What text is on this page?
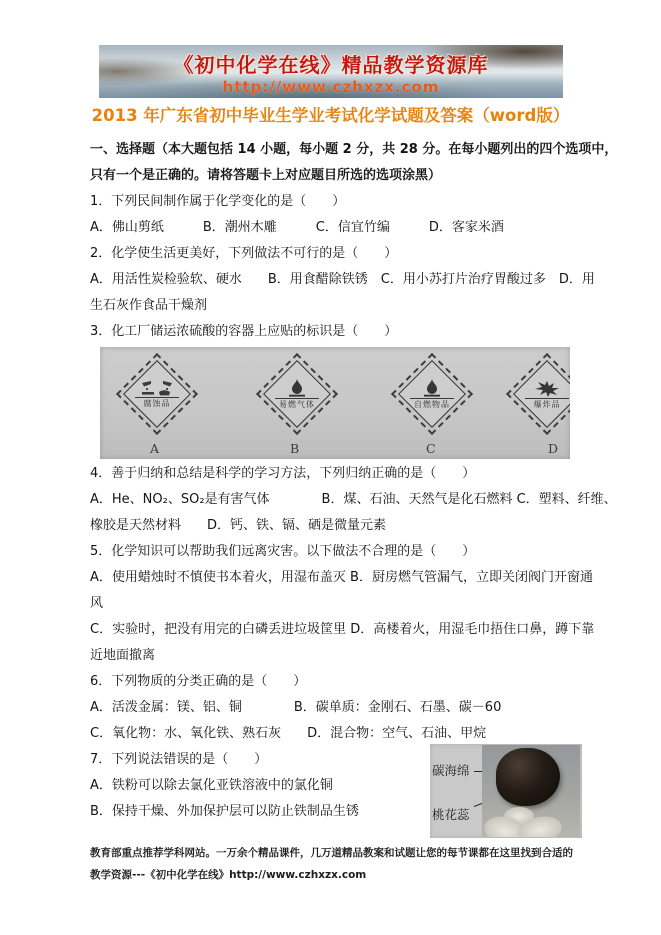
《初中化学在线》精品教学资源库
http://www.czhxzx.com
2013 年广东省初中毕业生学业考试化学试题及答案（word版）

一、选择题（本大题包括 14 小题，每小题 2 分，共 28 分。在每小题列出的四个选项中，

只有一个是正确的。请将答题卡上对应题目所选的选项涂黑）

1．下列民间制作属于化学变化的是（　　）

A．佛山剪纸　　　B．潮州木雕　　　C．信宜竹编　　　D．客家米酒

2．化学使生活更美好，下列做法不可行的是（　　）

A．用活性炭检验软、硬水　　B．用食醋除铁锈　C．用小苏打片治疗胃酸过多　D．用

生石灰作食品干燥剂

3．化工厂储运浓硫酸的容器上应贴的标识是（　　）

腐蚀品	易燃气体	自燃物品	爆炸品
A	B	C	D

4．善于归纳和总结是科学的学习方法，下列归纳正确的是（　　）

A．He、NO₂、SO₂是有害气体　　　　B．煤、石油、天然气是化石燃料 C．塑料、纤维、

橡胶是天然材料　　D．钙、铁、镉、硒是微量元素

5．化学知识可以帮助我们远离灾害。以下做法不合理的是（　　）

A．使用蜡烛时不慎使书本着火，用湿布盖灭 B．厨房燃气管漏气，立即关闭阀门开窗通

风

C．实验时，把没有用完的白磷丢进垃圾筐里 D．高楼着火，用湿毛巾捂住口鼻，蹲下靠

近地面撤离

6．下列物质的分类正确的是（　　）

A．活泼金属：镁、铝、铜　　　　B．碳单质：金刚石、石墨、碳－60

C．氧化物：水、氧化铁、熟石灰　　D．混合物：空气、石油、甲烷

7．下列说法错误的是（　　）

A．铁粉可以除去氯化亚铁溶液中的氯化铜

B．保持干燥、外加保护层可以防止铁制品生锈

教育部重点推荐学科网站。一万余个精品课件，几万道精品教案和试题让您的每节课都在这里找到合适的

教学资源---《初中化学在线》http://www.czhxzx.com

碳海绵
桃花蕊
